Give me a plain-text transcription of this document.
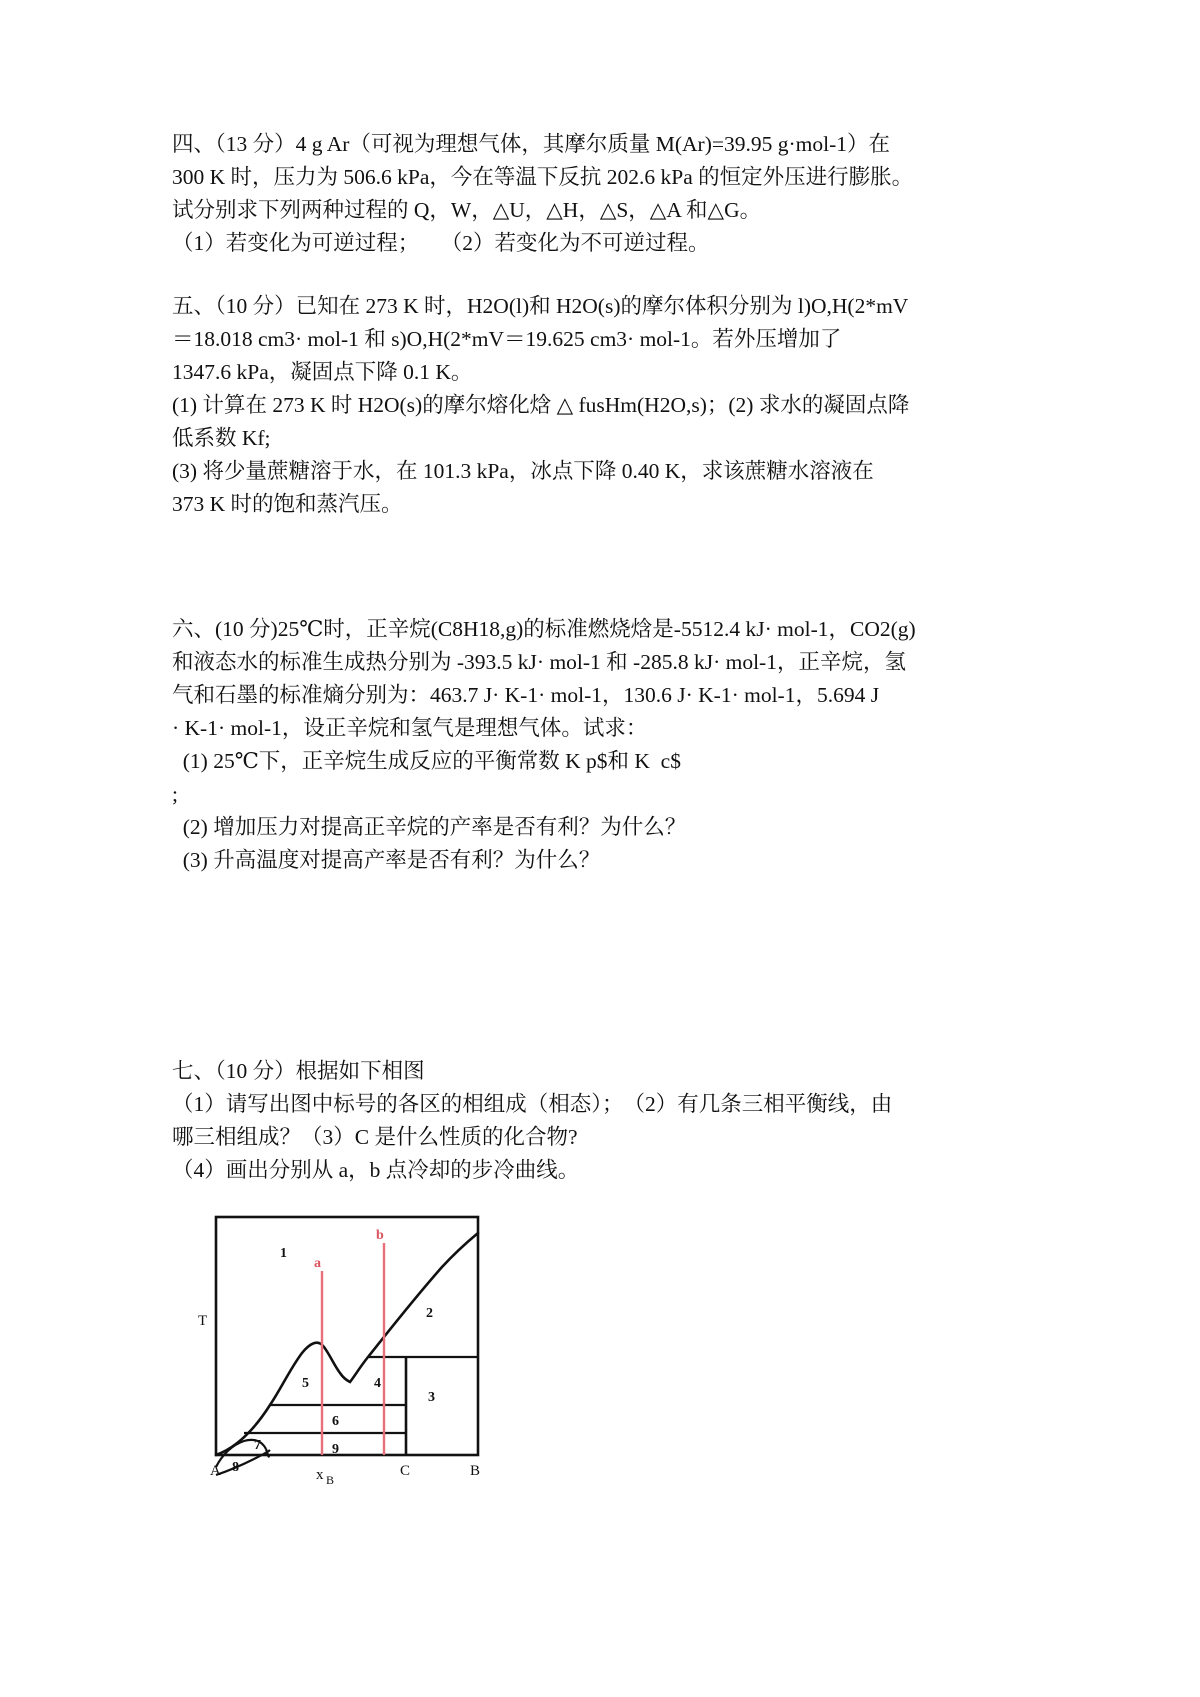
四、（13 分）4 g Ar（可视为理想气体，其摩尔质量 M(Ar)=39.95 g·mol-1）在
300 K 时，压力为 506.6 kPa，今在等温下反抗 202.6 kPa 的恒定外压进行膨胀。
试分别求下列两种过程的 Q，W，△U，△H，△S，△A 和△G。
（1）若变化为可逆过程；　　（2）若变化为不可逆过程。
五、（10 分）已知在 273 K 时，H2O(l)和 H2O(s)的摩尔体积分别为 l)O,H(2*mV
＝18.018 cm3· mol-1 和 s)O,H(2*mV＝19.625 cm3· mol-1。若外压增加了
1347.6 kPa，凝固点下降 0.1 K。
(1) 计算在 273 K 时 H2O(s)的摩尔熔化焓 △ fusHm(H2O,s)；(2) 求水的凝固点降
低系数 Kf;
(3) 将少量蔗糖溶于水，在 101.3 kPa，冰点下降 0.40 K，求该蔗糖水溶液在
373 K 时的饱和蒸汽压。
六、(10 分)25℃时，正辛烷(C8H18,g)的标准燃烧焓是-5512.4 kJ· mol-1，CO2(g)
和液态水的标准生成热分别为 -393.5 kJ· mol-1 和 -285.8 kJ· mol-1，正辛烷，氢
气和石墨的标准熵分别为：463.7 J· K-1· mol-1，130.6 J· K-1· mol-1，5.694 J
· K-1· mol-1，设正辛烷和氢气是理想气体。试求：
(1) 25℃下，正辛烷生成反应的平衡常数 K p$和 K  c$
;
(2) 增加压力对提高正辛烷的产率是否有利？为什么？
(3) 升高温度对提高产率是否有利？为什么？
七、（10 分）根据如下相图
（1）请写出图中标号的各区的相组成（相态）；　（2）有几条三相平衡线，由
哪三相组成？（3）C 是什么性质的化合物?
（4）画出分别从 a，b 点冷却的步冷曲线。
1
2
3
4
5
6
7
8
9
a
b
T
A	x B
C	B
